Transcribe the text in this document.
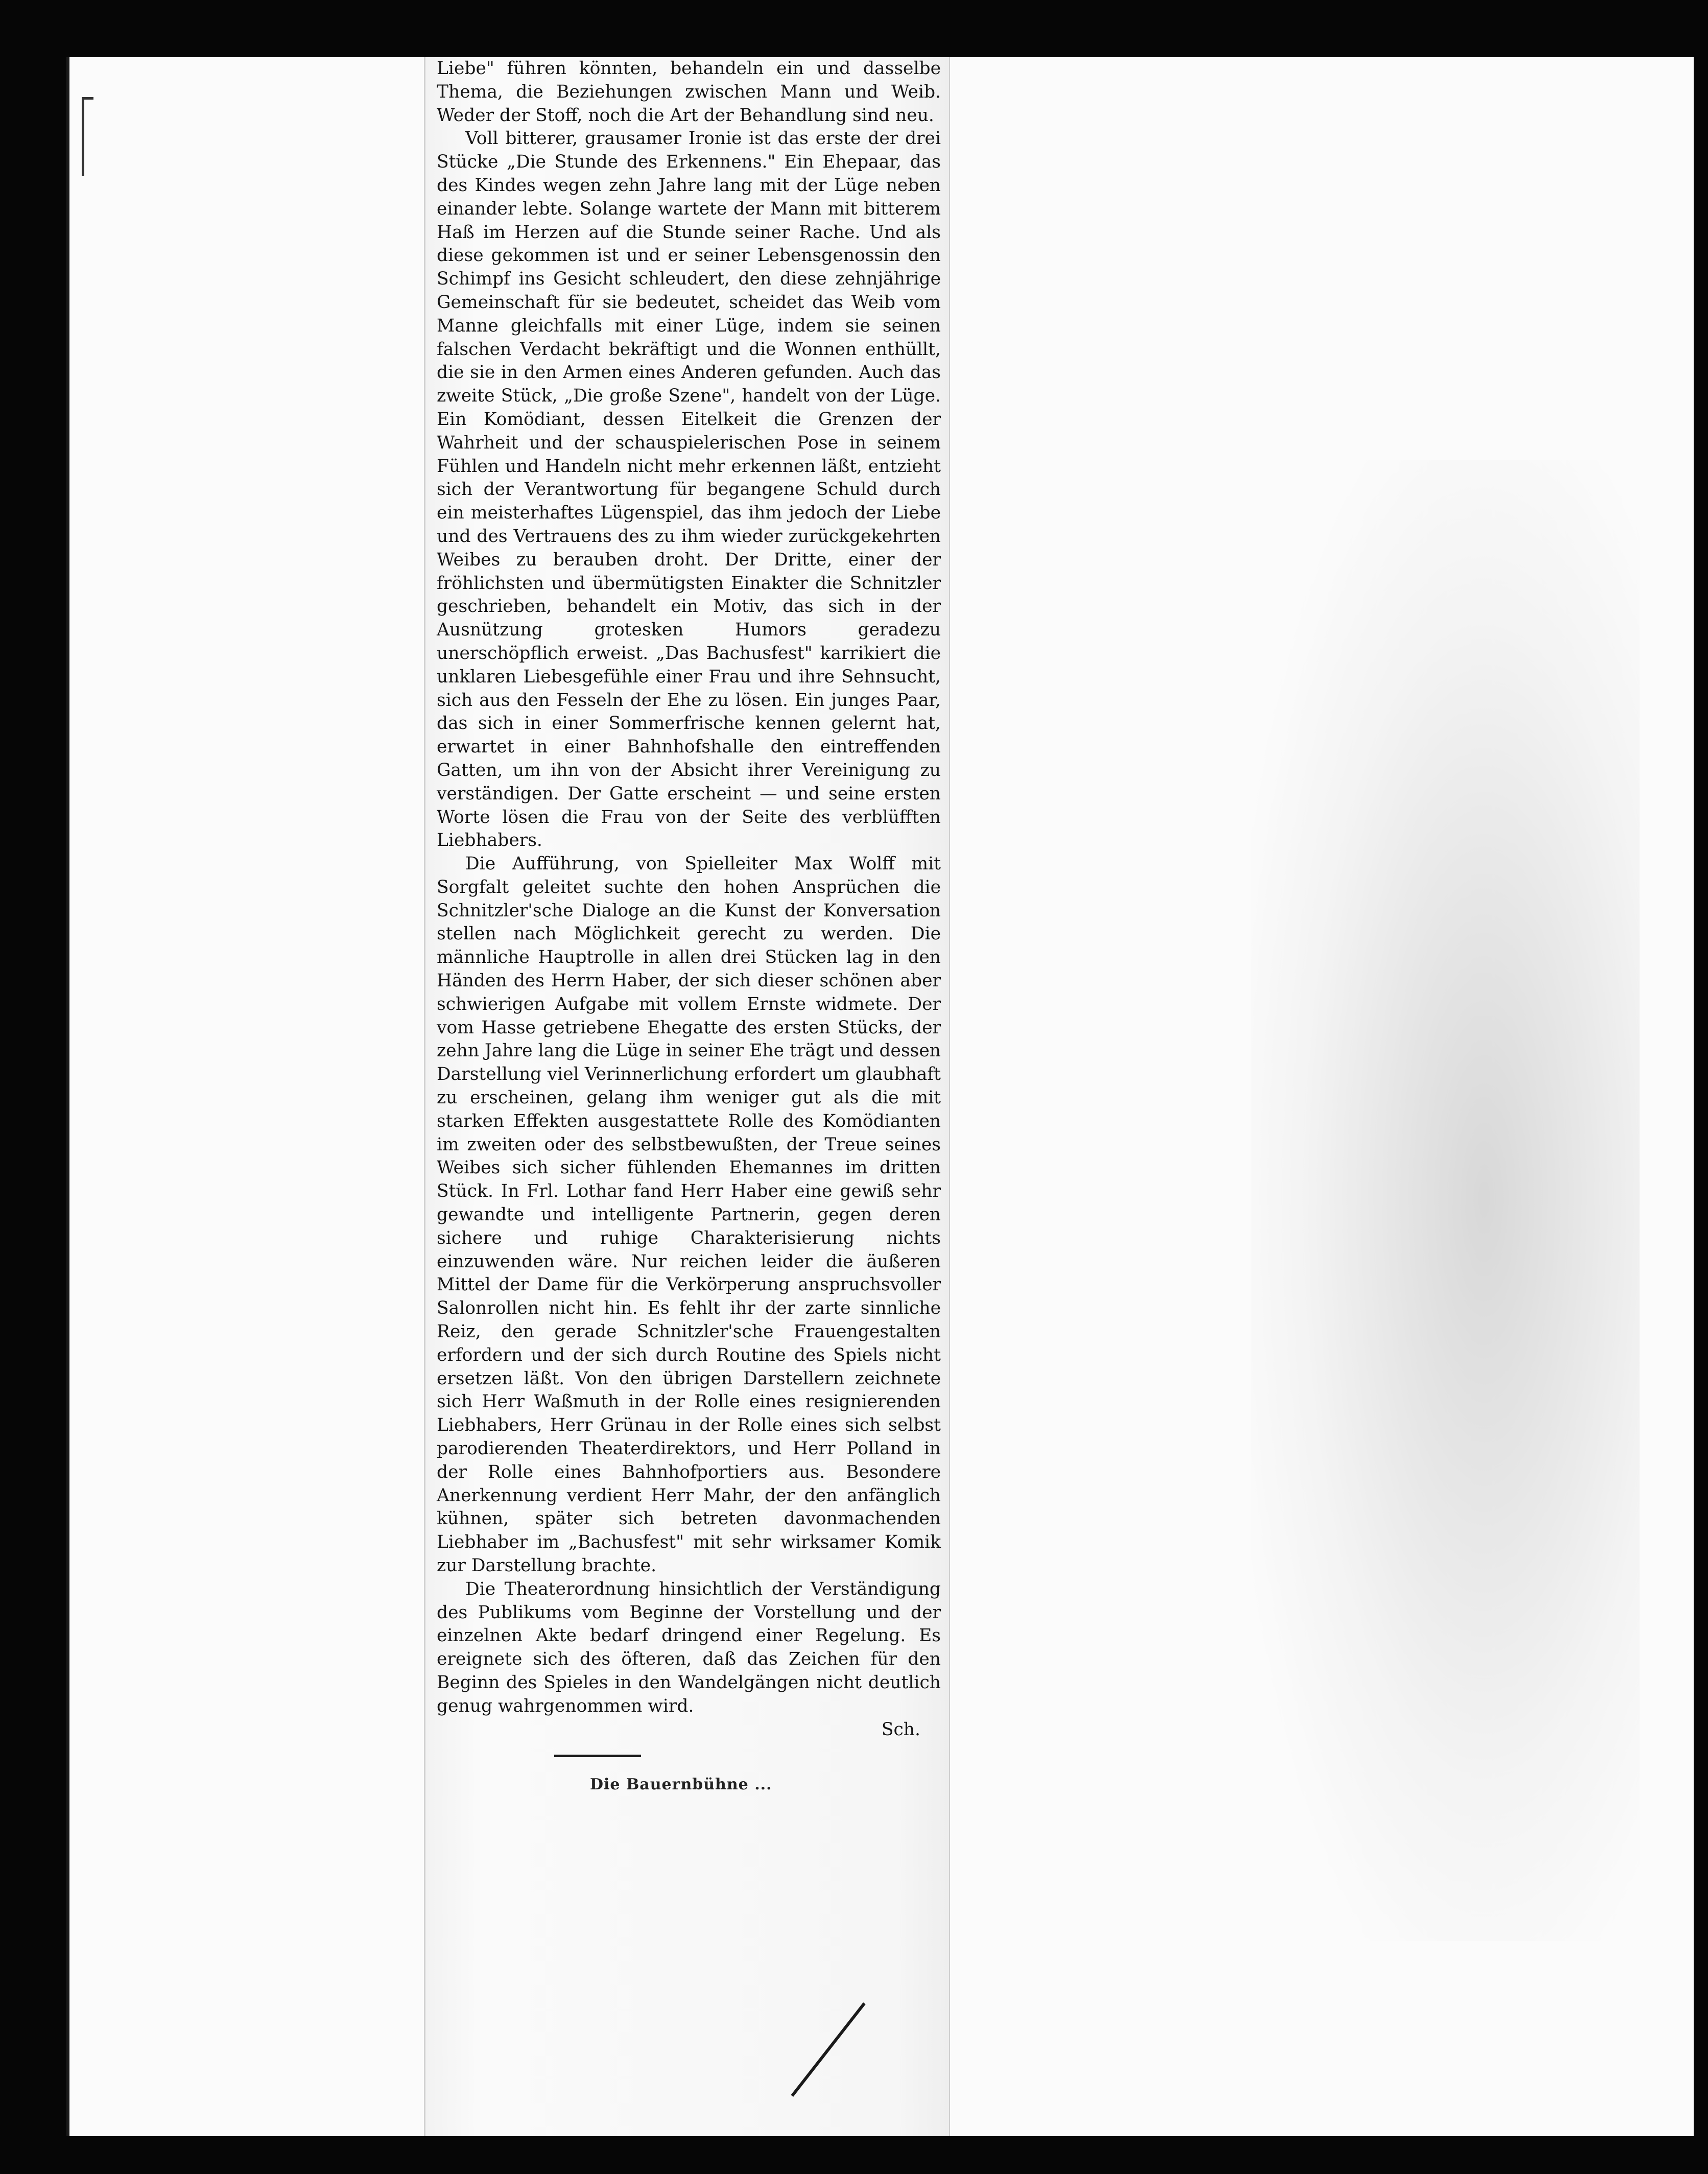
Liebe" führen könnten, behandeln ein und dasselbe Thema, die Beziehungen zwischen Mann und Weib. Weder der Stoff, noch die Art der Behandlung sind neu.

Voll bitterer, grausamer Ironie ist das erste der drei Stücke „Die Stunde des Erkennens." Ein Ehepaar, das des Kindes wegen zehn Jahre lang mit der Lüge neben einander lebte. Solange wartete der Mann mit bitterem Haß im Herzen auf die Stunde seiner Rache. Und als diese gekommen ist und er seiner Lebensgenossin den Schimpf ins Gesicht schleudert, den diese zehnjährige Gemeinschaft für sie bedeutet, scheidet das Weib vom Manne gleichfalls mit einer Lüge, indem sie seinen falschen Verdacht bekräftigt und die Wonnen enthüllt, die sie in den Armen eines Anderen gefunden. Auch das zweite Stück, „Die große Szene", handelt von der Lüge. Ein Komödiant, dessen Eitelkeit die Grenzen der Wahrheit und der schauspielerischen Pose in seinem Fühlen und Handeln nicht mehr erkennen läßt, entzieht sich der Verantwortung für begangene Schuld durch ein meisterhaftes Lügenspiel, das ihm jedoch der Liebe und des Vertrauens des zu ihm wieder zurückgekehrten Weibes zu berauben droht. Der Dritte, einer der fröhlichsten und übermütigsten Einakter die Schnitzler geschrieben, behandelt ein Motiv, das sich in der Ausnützung grotesken Humors geradezu unerschöpflich erweist. „Das Bachusfest" karrikiert die unklaren Liebesgefühle einer Frau und ihre Sehnsucht, sich aus den Fesseln der Ehe zu lösen. Ein junges Paar, das sich in einer Sommerfrische kennen gelernt hat, erwartet in einer Bahnhofshalle den eintreffenden Gatten, um ihn von der Absicht ihrer Vereinigung zu verständigen. Der Gatte erscheint — und seine ersten Worte lösen die Frau von der Seite des verblüfften Liebhabers.

Die Aufführung, von Spielleiter Max Wolff mit Sorgfalt geleitet suchte den hohen Ansprüchen die Schnitzler'sche Dialoge an die Kunst der Konversation stellen nach Möglichkeit gerecht zu werden. Die männliche Hauptrolle in allen drei Stücken lag in den Händen des Herrn Haber, der sich dieser schönen aber schwierigen Aufgabe mit vollem Ernste widmete. Der vom Hasse getriebene Ehegatte des ersten Stücks, der zehn Jahre lang die Lüge in seiner Ehe trägt und dessen Darstellung viel Verinnerlichung erfordert um glaubhaft zu erscheinen, gelang ihm weniger gut als die mit starken Effekten ausgestattete Rolle des Komödianten im zweiten oder des selbstbewußten, der Treue seines Weibes sich sicher fühlenden Ehemannes im dritten Stück. In Frl. Lothar fand Herr Haber eine gewiß sehr gewandte und intelligente Partnerin, gegen deren sichere und ruhige Charakterisierung nichts einzuwenden wäre. Nur reichen leider die äußeren Mittel der Dame für die Verkörperung anspruchsvoller Salonrollen nicht hin. Es fehlt ihr der zarte sinnliche Reiz, den gerade Schnitzler'sche Frauengestalten erfordern und der sich durch Routine des Spiels nicht ersetzen läßt. Von den übrigen Darstellern zeichnete sich Herr Waßmuth in der Rolle eines resignierenden Liebhabers, Herr Grünau in der Rolle eines sich selbst parodierenden Theaterdirektors, und Herr Polland in der Rolle eines Bahnhofportiers aus. Besondere Anerkennung verdient Herr Mahr, der den anfänglich kühnen, später sich betreten davonmachenden Liebhaber im „Bachusfest" mit sehr wirksamer Komik zur Darstellung brachte.

Die Theaterordnung hinsichtlich der Verständigung des Publikums vom Beginne der Vorstellung und der einzelnen Akte bedarf dringend einer Regelung. Es ereignete sich des öfteren, daß das Zeichen für den Beginn des Spieles in den Wandelgängen nicht deutlich genug wahrgenommen wird.

Sch.

Die Bauernbühne ...
